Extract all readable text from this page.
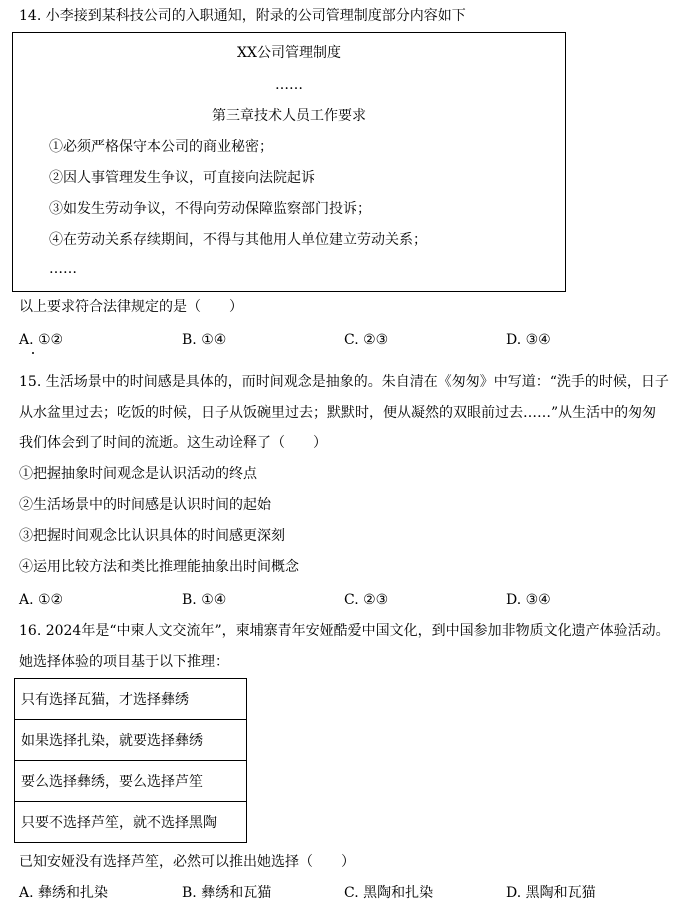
14. 小李接到某科技公司的入职通知，附录的公司管理制度部分内容如下
XX公司管理制度
……
第三章技术人员工作要求
①必须严格保守本公司的商业秘密；
②因人事管理发生争议，可直接向法院起诉
③如发生劳动争议，不得向劳动保障监察部门投诉；
④在劳动关系存续期间，不得与其他用人单位建立劳动关系；
……
以上要求符合法律规定的是（　　）
A. ①②	B. ①④	C. ②③	D. ③④
15. 生活场景中的时间感是具体的，而时间观念是抽象的。朱自清在《匆匆》中写道：“洗手的时候，日子
从水盆里过去；吃饭的时候，日子从饭碗里过去；默默时，便从凝然的双眼前过去……”从生活中的匆匆
我们体会到了时间的流逝。这生动诠释了（　　）
①把握抽象时间观念是认识活动的终点
②生活场景中的时间感是认识时间的起始
③把握时间观念比认识具体的时间感更深刻
④运用比较方法和类比推理能抽象出时间概念
A. ①②	B. ①④	C. ②③	D. ③④
16. 2024年是“中柬人文交流年”，柬埔寨青年安娅酷爱中国文化，到中国参加非物质文化遗产体验活动。
她选择体验的项目基于以下推理：
只有选择瓦猫，才选择彝绣
如果选择扎染，就要选择彝绣
要么选择彝绣，要么选择芦笙
只要不选择芦笙，就不选择黑陶
已知安娅没有选择芦笙，必然可以推出她选择（　　）
A. 彝绣和扎染	B. 彝绣和瓦猫	C. 黑陶和扎染	D. 黑陶和瓦猫
